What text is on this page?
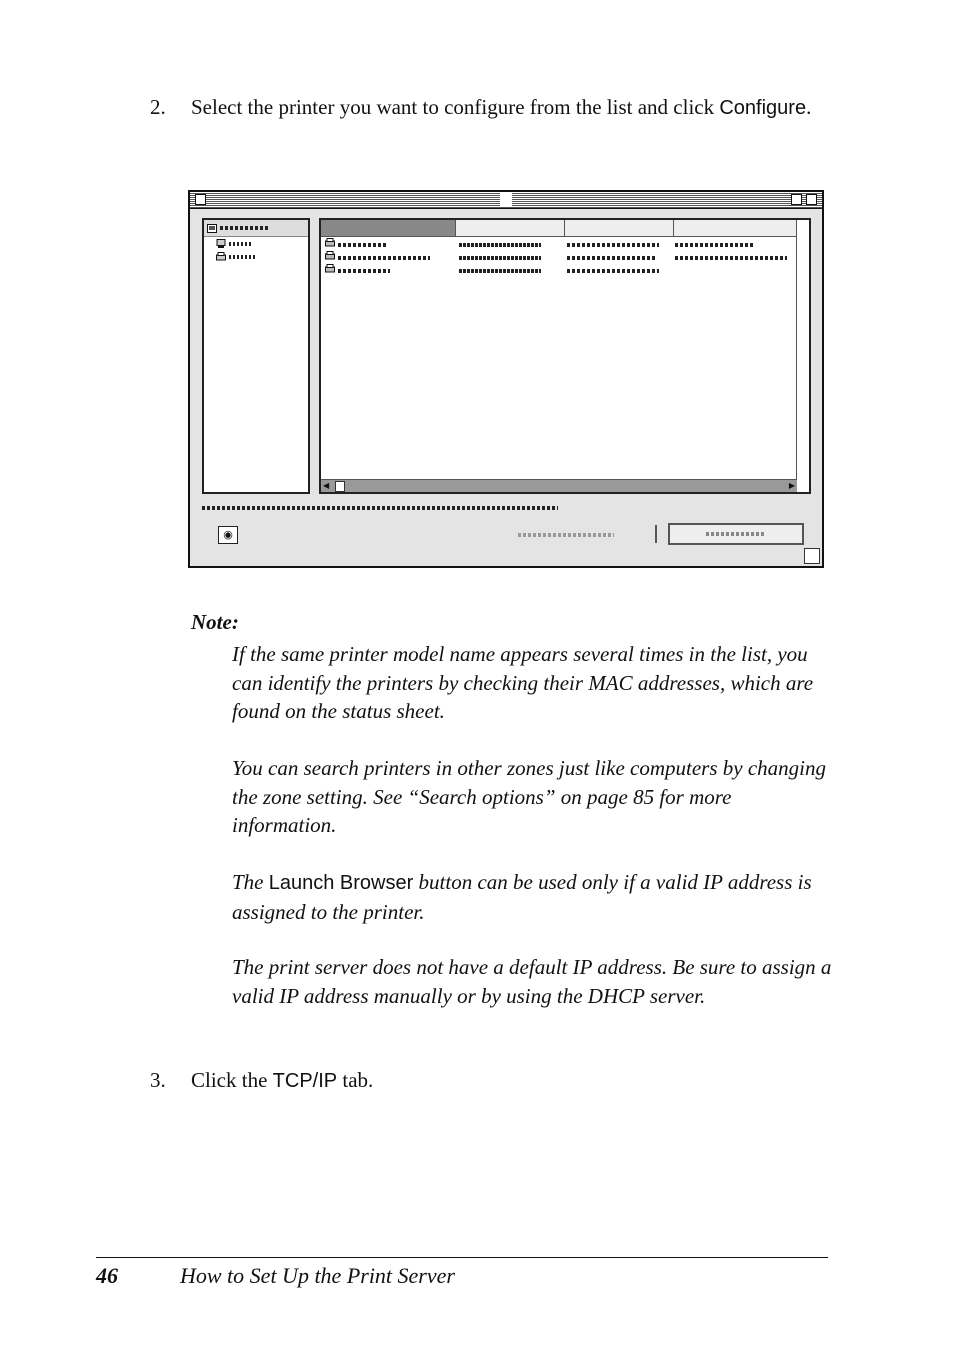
2. Select the printer you want to configure from the list and click Configure.

◀	▶
◉
Note:

If the same printer model name appears several times in the list, you can identify the printers by checking their MAC addresses, which are found on the status sheet.

You can search printers in other zones just like computers by changing the zone setting. See “Search options” on page 85 for more information.

The Launch Browser button can be used only if a valid IP address is assigned to the printer.

The print server does not have a default IP address. Be sure to assign a valid IP address manually or by using the DHCP server.

3. Click the TCP/IP tab.
46	How to Set Up the Print Server
